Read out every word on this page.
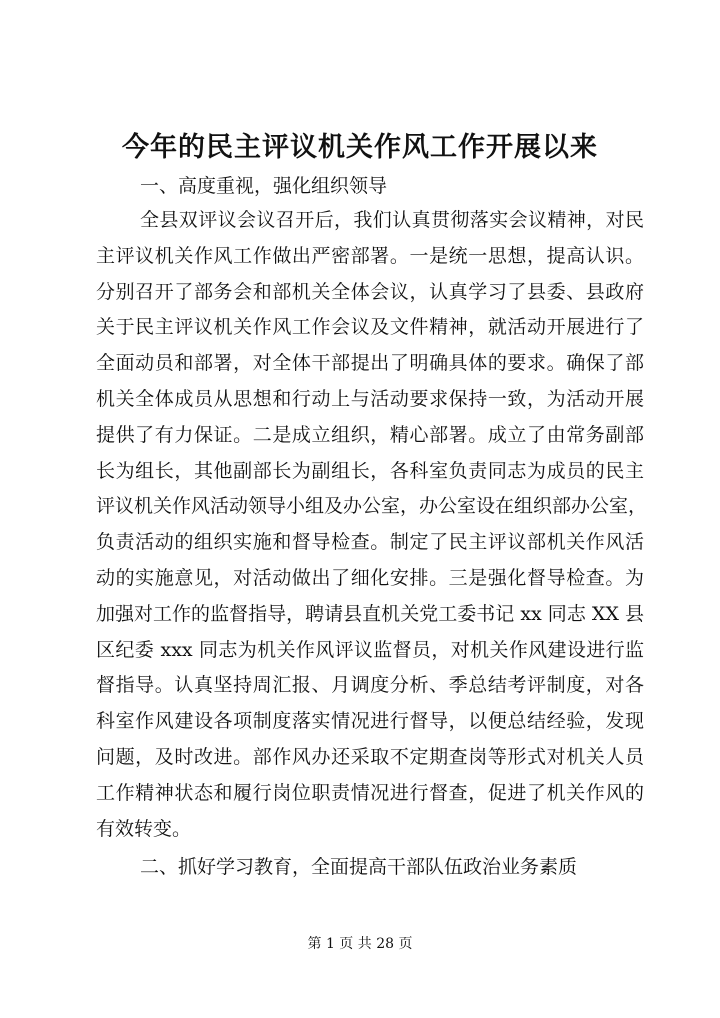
今年的民主评议机关作风工作开展以来

一、高度重视，强化组织领导

全县双评议会议召开后，我们认真贯彻落实会议精神，对民
主评议机关作风工作做出严密部署。一是统一思想，提高认识。
分别召开了部务会和部机关全体会议，认真学习了县委、县政府
关于民主评议机关作风工作会议及文件精神，就活动开展进行了
全面动员和部署，对全体干部提出了明确具体的要求。确保了部
机关全体成员从思想和行动上与活动要求保持一致，为活动开展
提供了有力保证。二是成立组织，精心部署。成立了由常务副部
长为组长，其他副部长为副组长，各科室负责同志为成员的民主
评议机关作风活动领导小组及办公室，办公室设在组织部办公室，
负责活动的组织实施和督导检查。制定了民主评议部机关作风活
动的实施意见，对活动做出了细化安排。三是强化督导检查。为
加强对工作的监督指导，聘请县直机关党工委书记 xx 同志 XX 县
区纪委 xxx 同志为机关作风评议监督员，对机关作风建设进行监
督指导。认真坚持周汇报、月调度分析、季总结考评制度，对各
科室作风建设各项制度落实情况进行督导，以便总结经验，发现
问题，及时改进。部作风办还采取不定期查岗等形式对机关人员
工作精神状态和履行岗位职责情况进行督查，促进了机关作风的
有效转变。

二、抓好学习教育，全面提高干部队伍政治业务素质

第 1 页 共 28 页
